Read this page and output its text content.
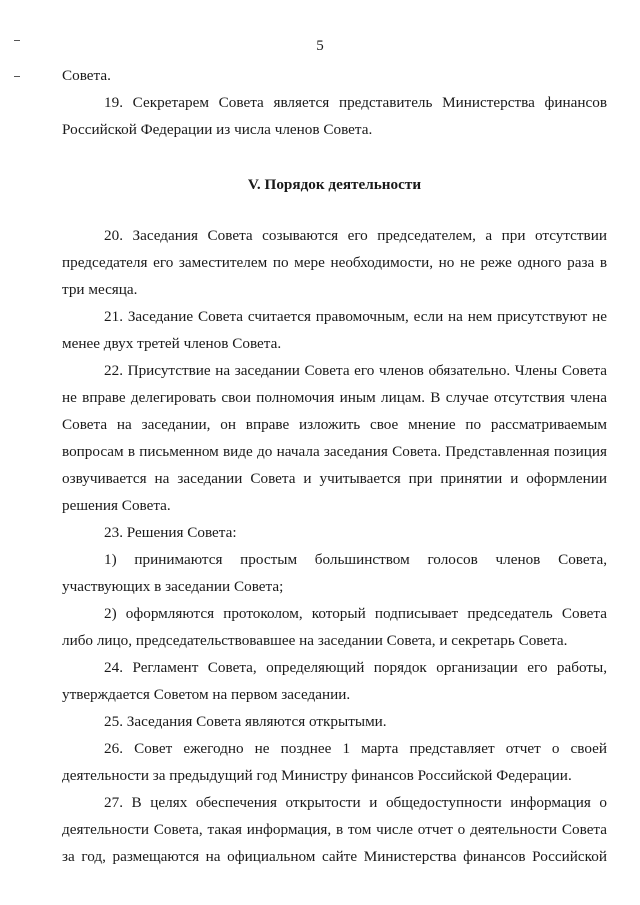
5

Совета.

19. Секретарем Совета является представитель Министерства финансов Российской Федерации из числа членов Совета.

V. Порядок деятельности

20. Заседания Совета созываются его председателем, а при отсутствии председателя его заместителем по мере необходимости, но не реже одного раза в три месяца.

21. Заседание Совета считается правомочным, если на нем присутствуют не менее двух третей членов Совета.

22. Присутствие на заседании Совета его членов обязательно. Члены Совета не вправе делегировать свои полномочия иным лицам. В случае отсутствия члена Совета на заседании, он вправе изложить свое мнение по рассматриваемым вопросам в письменном виде до начала заседания Совета. Представленная позиция озвучивается на заседании Совета и учитывается при принятии и оформлении решения Совета.

23. Решения Совета:

1) принимаются простым большинством голосов членов Совета, участвующих в заседании Совета;

2) оформляются протоколом, который подписывает председатель Совета либо лицо, председательствовавшее на заседании Совета, и секретарь Совета.

24. Регламент Совета, определяющий порядок организации его работы, утверждается Советом на первом заседании.

25. Заседания Совета являются открытыми.

26. Совет ежегодно не позднее 1 марта представляет отчет о своей деятельности за предыдущий год Министру финансов Российской Федерации.

27. В целях обеспечения открытости и общедоступности информация о деятельности Совета, такая информация, в том числе отчет о деятельности Совета за год, размещаются на официальном сайте Министерства финансов Российской
